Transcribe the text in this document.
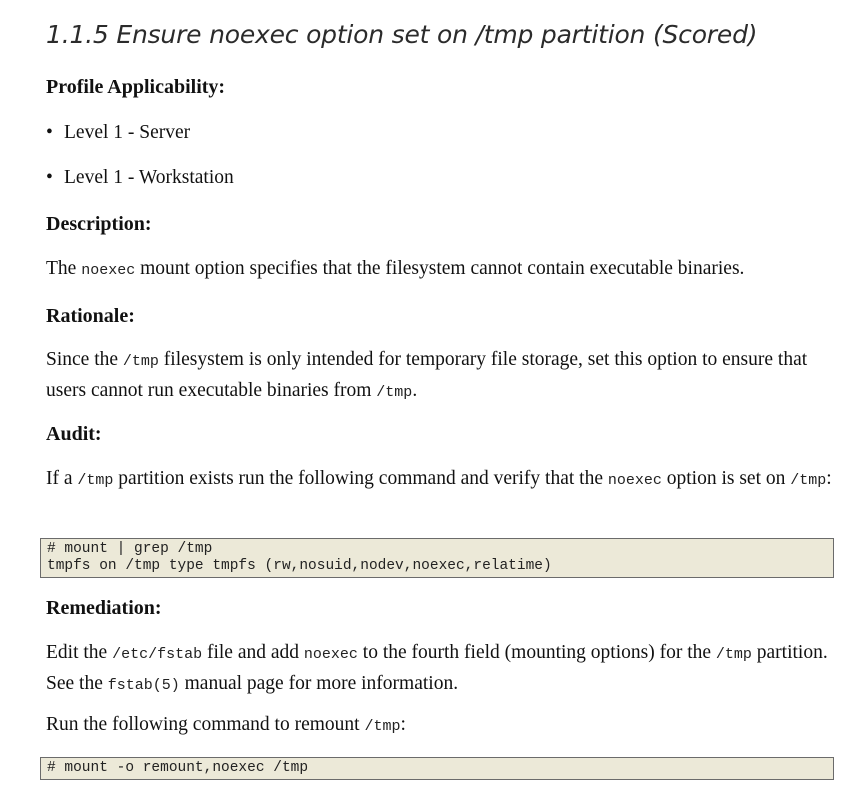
1.1.5 Ensure noexec option set on /tmp partition (Scored)
Profile Applicability:
• Level 1 - Server
• Level 1 - Workstation
Description:
The noexec mount option specifies that the filesystem cannot contain executable binaries.
Rationale:
Since the /tmp filesystem is only intended for temporary file storage, set this option to ensure that users cannot run executable binaries from /tmp.
Audit:
If a /tmp partition exists run the following command and verify that the noexec option is set on /tmp:
# mount | grep /tmp
tmpfs on /tmp type tmpfs (rw,nosuid,nodev,noexec,relatime)
Remediation:
Edit the /etc/fstab file and add noexec to the fourth field (mounting options) for the /tmp partition. See the fstab(5) manual page for more information.
Run the following command to remount /tmp:
# mount -o remount,noexec /tmp
